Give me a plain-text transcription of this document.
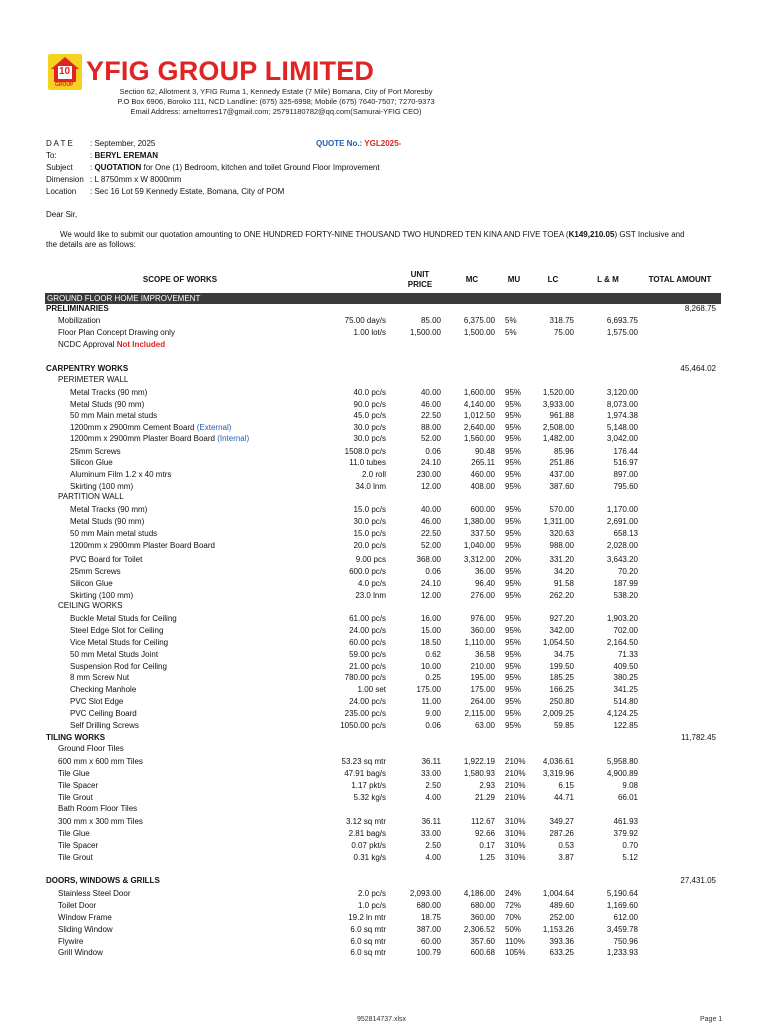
10
GROUP YFIG GROUP LIMITED
Section 62, Allotment 3, YFIG Ruma 1, Kennedy Estate (7 Mile) Bomana, City of Port Moresby
P.O Box 6906, Boroko 111, NCD Landline: (675) 325-6998; Mobile (675) 7640-7507; 7270-9373
Email Address: arneltorres17@gmail.com; 25791180782@qq.com(Samurai-YFIG CEO)
D A T E : September, 2025	QUOTE No.: YGL2025-
To:	: BERYL EREMAN
Subject : QUOTATION for One (1) Bedroom, kitchen and toilet Ground Floor Improvement
Dimension : L 8750mm x W 8000mm
Location : Sec 16 Lot 59 Kennedy Estate, Bomana, City of POM
Dear Sir,
We would like to submit our quotation amounting to ONE HUNDRED FORTY-NINE THOUSAND TWO HUNDRED TEN KINA AND FIVE TOEA (K149,210.05) GST Inclusive and
the details are as follows:
SCOPE OF WORKS
UNIT
PRICE
MC	MU	LC	L & M	TOTAL AMOUNT
GROUND FLOOR HOME IMPROVEMENT
PRELIMINARIES	8,268.75
Mobilization	75.00 day/s	85.00	6,375.00 5%	318.75	6,693.75
Floor Plan Concept Drawing only	1.00 lot/s	1,500.00	1,500.00 5%	75.00	1,575.00
NCDC Approval Not Included
CARPENTRY WORKS	45,464.02
PERIMETER WALL
Metal Tracks (90 mm)	40.0 pc/s	40.00	1,600.00 95%	1,520.00	3,120.00
Metal Studs (90 mm)	90.0 pc/s	46.00	4,140.00 95%	3,933.00	8,073.00
50 mm Main metal studs	45.0 pc/s	22.50	1,012.50 95%	961.88	1,974.38
1200mm x 2900mm Cement Board (External)	30.0 pc/s	88.00	2,640.00 95%	2,508.00	5,148.00
1200mm x 2900mm Plaster Board Board (Internal)	30.0 pc/s	52.00	1,560.00 95%	1,482.00	3,042.00
25mm Screws	1508.0 pc/s	0.06	90.48 95%	85.96	176.44
Silicon Glue	11.0 tubes	24.10	265.11 95%	251.86	516.97
Aluminum Film 1.2 x 40 mtrs	2.0 roll	230.00	460.00 95%	437.00	897.00
Skirting (100 mm)	34.0 lnm	12.00	408.00 95%	387.60	795.60
PARTITION WALL
Metal Tracks (90 mm)	15.0 pc/s	40.00	600.00 95%	570.00	1,170.00
Metal Studs (90 mm)	30.0 pc/s	46.00	1,380.00 95%	1,311.00	2,691.00
50 mm Main metal studs	15.0 pc/s	22.50	337.50 95%	320.63	658.13
1200mm x 2900mm Plaster Board Board	20.0 pc/s	52.00	1,040.00 95%	988.00	2,028.00
PVC Board for Toilet	9.00 pcs	368.00	3,312.00 20%	331.20	3,643.20
25mm Screws	600.0 pc/s	0.06	36.00 95%	34.20	70.20
Silicon Glue	4.0 pc/s	24.10	96.40 95%	91.58	187.99
Skirting (100 mm)	23.0 lnm	12.00	276.00 95%	262.20	538.20
CEILING WORKS
Buckle Metal Studs for Ceiling	61.00 pc/s	16.00	976.00 95%	927.20	1,903.20
Steel Edge Slot for Ceiling	24.00 pc/s	15.00	360.00 95%	342.00	702.00
Vice Metal Studs for Ceiling	60.00 pc/s	18.50	1,110.00 95%	1,054.50	2,164.50
50 mm Metal Studs Joint	59.00 pc/s	0.62	36.58 95%	34.75	71.33
Suspension Rod for Ceiling	21.00 pc/s	10.00	210.00 95%	199.50	409.50
8 mm Screw Nut	780.00 pc/s	0.25	195.00 95%	185.25	380.25
Checking Manhole	1.00 set	175.00	175.00 95%	166.25	341.25
PVC Slot Edge	24.00 pc/s	11.00	264.00 95%	250.80	514.80
PVC Ceiling Board	235.00 pc/s	9.00	2,115.00 95%	2,009.25	4,124.25
Self Drilling Screws	1050.00 pc/s	0.06	63.00 95%	59.85	122.85
TILING WORKS	11,782.45
Ground Floor Tiles
600 mm x 600 mm Tiles	53.23 sq mtr	36.11	1,922.19 210%	4,036.61	5,958.80
Tile Glue	47.91 bag/s	33.00	1,580.93 210%	3,319.96	4,900.89
Tile Spacer	1.17 pkt/s	2.50	2.93 210%	6.15	9.08
Tile Grout	5.32 kg/s	4.00	21.29 210%	44.71	66.01
Bath Room Floor Tiles
300 mm x 300 mm Tiles	3.12 sq mtr	36.11	112.67 310%	349.27	461.93
Tile Glue	2.81 bag/s	33.00	92.66 310%	287.26	379.92
Tile Spacer	0.07 pkt/s	2.50	0.17 310%	0.53	0.70
Tile Grout	0.31 kg/s	4.00	1.25 310%	3.87	5.12
DOORS, WINDOWS & GRILLS	27,431.05
Stainless Steel Door	2.0 pc/s	2,093.00	4,186.00 24%	1,004.64	5,190.64
Toilet Door	1.0 pc/s	680.00	680.00 72%	489.60	1,169.60
Window Frame	19.2 ln mtr	18.75	360.00 70%	252.00	612.00
Sliding Window	6.0 sq mtr	387.00	2,306.52 50%	1,153.26	3,459.78
Flywire	6.0 sq mtr	60.00	357.60 110%	393.36	750.96
Grill Window	6.0 sq mtr	100.79	600.68 105%	633.25	1,233.93
952814737.xlsx	Page 1
